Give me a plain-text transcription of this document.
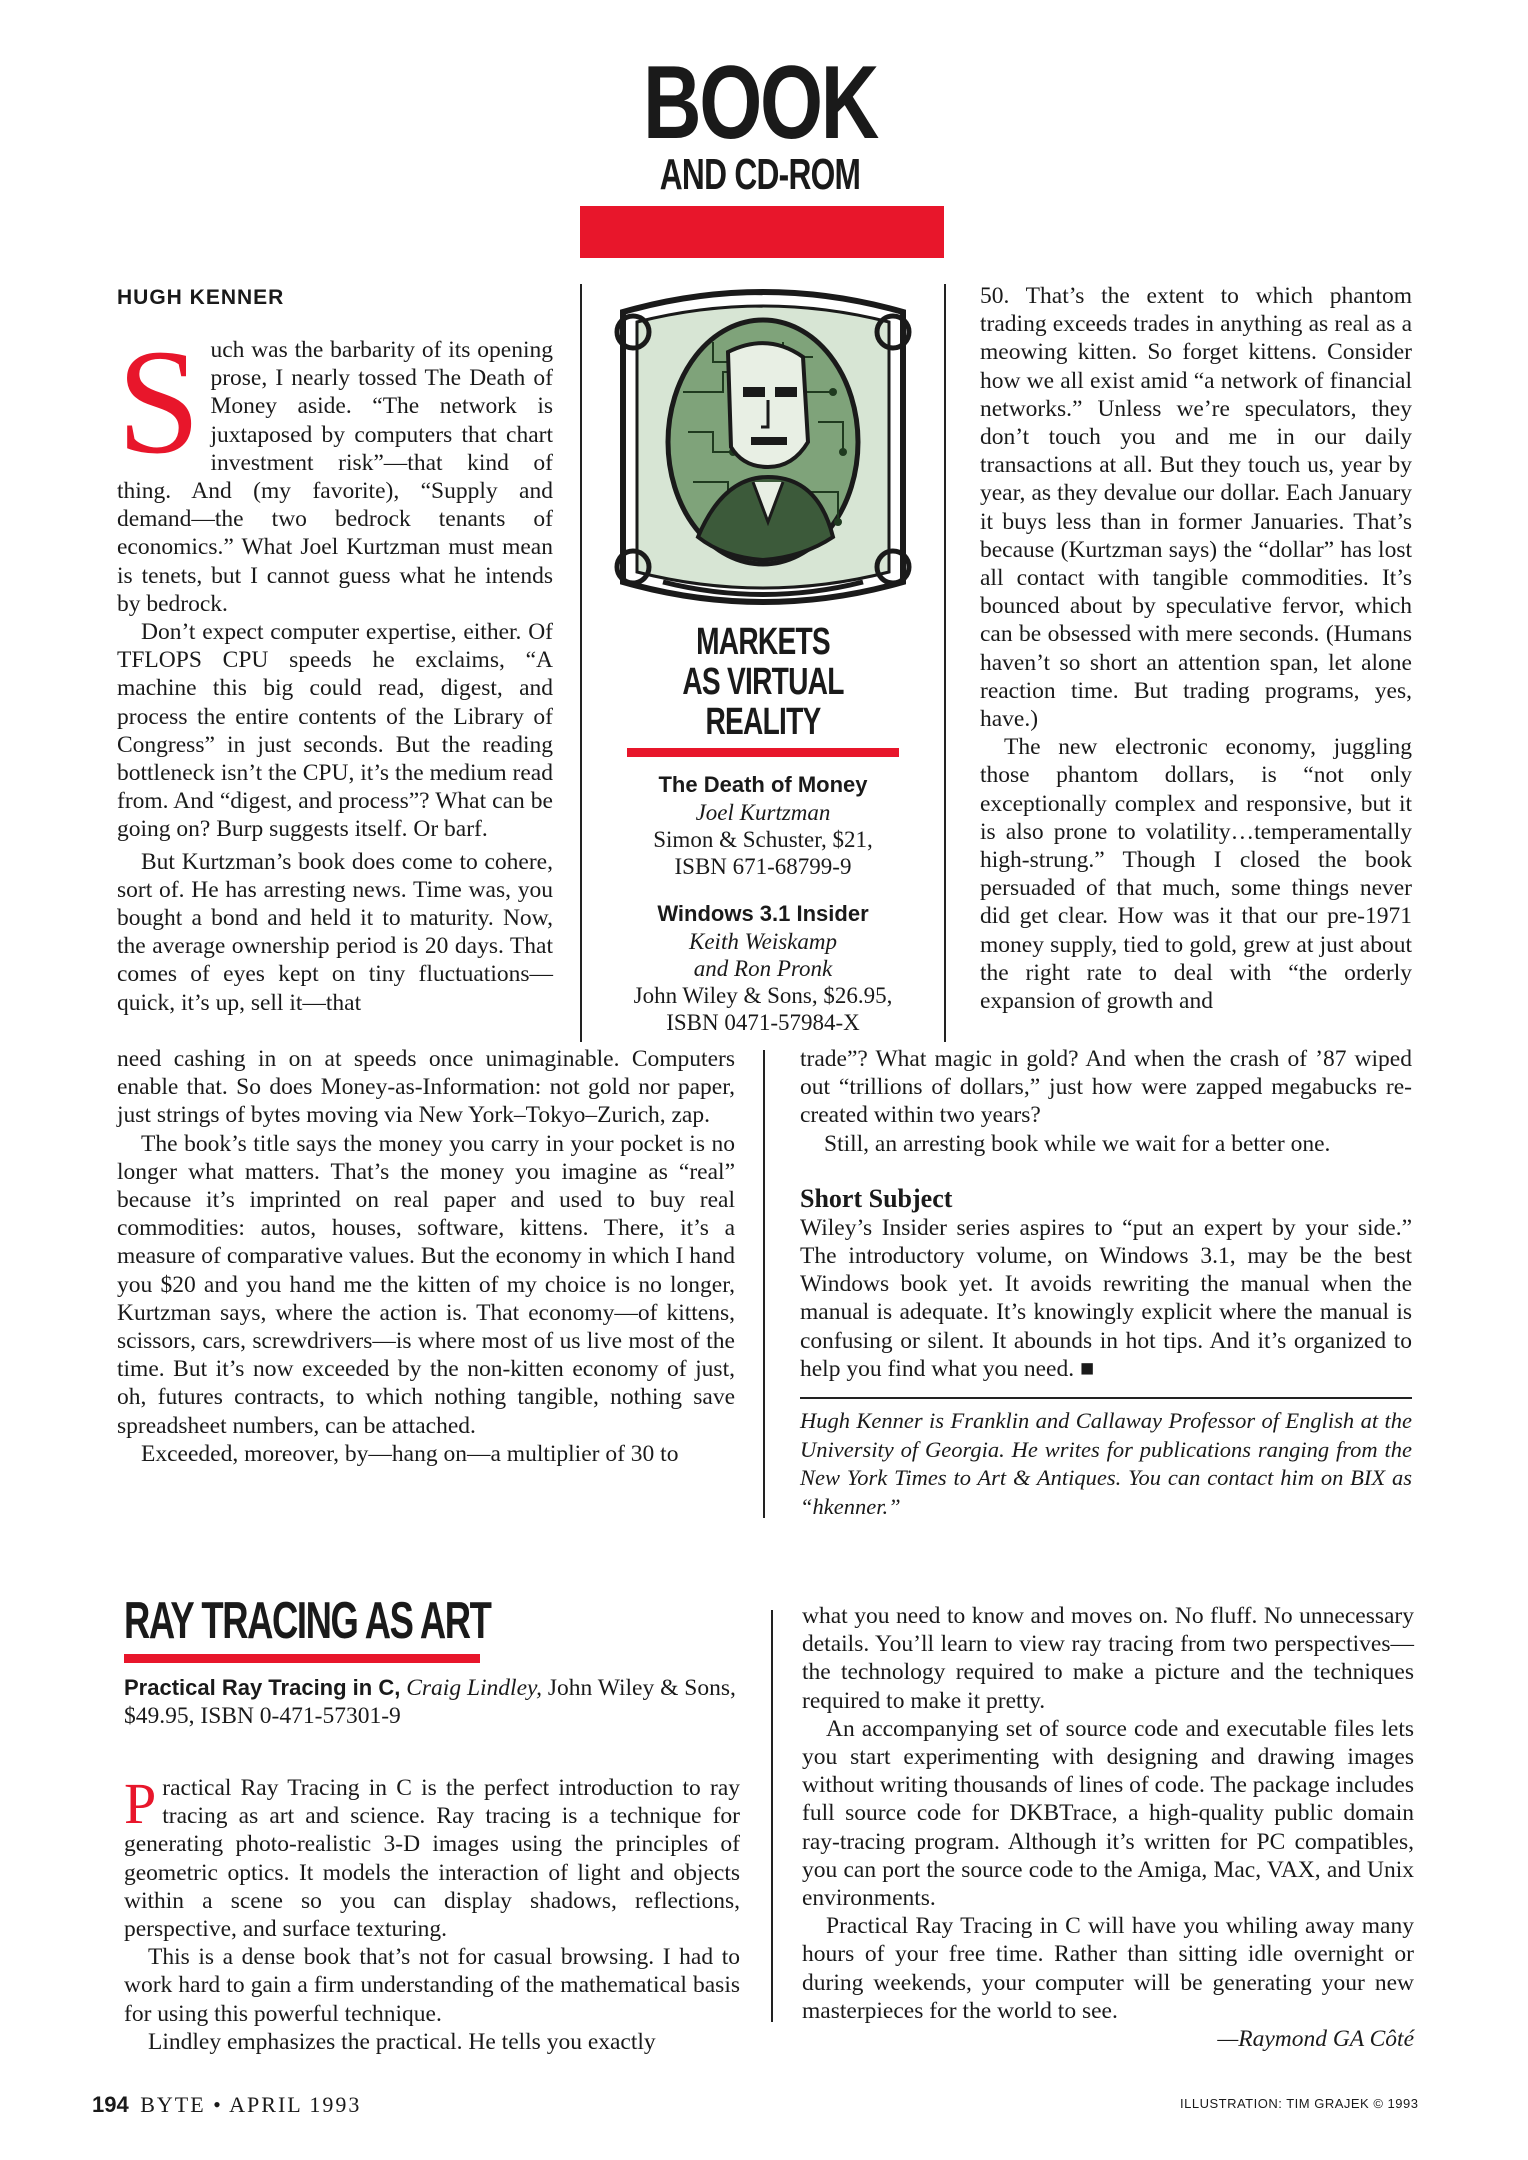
BOOK
AND CD-ROM
HUGH KENNER

Such was the barbarity of its opening prose, I nearly tossed The Death of Money aside. “The network is juxtaposed by computers that chart investment risk”—that kind of thing. And (my favorite), “Supply and demand—the two bedrock tenants of economics.” What Joel Kurtzman must mean is tenets, but I cannot guess what he intends by bedrock.

Don’t expect computer expertise, either. Of TFLOPS CPU speeds he exclaims, “A machine this big could read, digest, and process the entire contents of the Library of Congress” in just seconds. But the reading bottleneck isn’t the CPU, it’s the medium read from. And “digest, and process”? What can be going on? Burp suggests itself. Or barf.

But Kurtzman’s book does come to cohere, sort of. He has arresting news. Time was, you bought a bond and held it to maturity. Now, the average ownership period is 20 days. That comes of eyes kept on tiny fluctuations—quick, it’s up, sell it—that

need cashing in on at speeds once unimaginable. Computers enable that. So does Money-as-Information: not gold nor paper, just strings of bytes moving via New York–Tokyo–Zurich, zap.

The book’s title says the money you carry in your pocket is no longer what matters. That’s the money you imagine as “real” because it’s imprinted on real paper and used to buy real commodities: autos, houses, software, kittens. There, it’s a measure of comparative values. But the economy in which I hand you $20 and you hand me the kitten of my choice is no longer, Kurtzman says, where the action is. That economy—of kittens, scissors, cars, screwdrivers—is where most of us live most of the time. But it’s now exceeded by the non-kitten economy of just, oh, futures contracts, to which nothing tangible, nothing save spreadsheet numbers, can be attached.

Exceeded, moreover, by—hang on—a multiplier of 30 to

MARKETS
AS VIRTUAL REALITY
The Death of Money
Joel Kurtzman
Simon & Schuster, $21,
ISBN 671-68799-9
Windows 3.1 Insider
Keith Weiskamp
and Ron Pronk
John Wiley & Sons, $26.95,
ISBN 0471-57984-X

50. That’s the extent to which phantom trading exceeds trades in anything as real as a meowing kitten. So forget kittens. Consider how we all exist amid “a network of financial networks.” Unless we’re speculators, they don’t touch you and me in our daily transactions at all. But they touch us, year by year, as they devalue our dollar. Each January it buys less than in former Januaries. That’s because (Kurtzman says) the “dollar” has lost all contact with tangible commodities. It’s bounced about by speculative fervor, which can be obsessed with mere seconds. (Humans haven’t so short an attention span, let alone reaction time. But trading programs, yes, have.)

The new electronic economy, juggling those phantom dollars, is “not only exceptionally complex and responsive, but it is also prone to volatility…temperamentally high-strung.” Though I closed the book persuaded of that much, some things never did get clear. How was it that our pre-1971 money supply, tied to gold, grew at just about the right rate to deal with “the orderly expansion of growth and

trade”? What magic in gold? And when the crash of ’87 wiped out “trillions of dollars,” just how were zapped megabucks re-created within two years?

Still, an arresting book while we wait for a better one.

Short Subject

Wiley’s Insider series aspires to “put an expert by your side.” The introductory volume, on Windows 3.1, may be the best Windows book yet. It avoids rewriting the manual when the manual is adequate. It’s knowingly explicit where the manual is confusing or silent. It abounds in hot tips. And it’s organized to help you find what you need. ■

Hugh Kenner is Franklin and Callaway Professor of English at the University of Georgia. He writes for publications ranging from the New York Times to Art & Antiques. You can contact him on BIX as “hkenner.”
RAY TRACING AS ART
Practical Ray Tracing in C, Craig Lindley, John Wiley & Sons, $49.95, ISBN 0-471-57301-9

Practical Ray Tracing in C is the perfect introduction to ray tracing as art and science. Ray tracing is a technique for generating photo-realistic 3-D images using the principles of geometric optics. It models the interaction of light and objects within a scene so you can display shadows, reflections, perspective, and surface texturing.

This is a dense book that’s not for casual browsing. I had to work hard to gain a firm understanding of the mathematical basis for using this powerful technique.

Lindley emphasizes the practical. He tells you exactly

what you need to know and moves on. No fluff. No unnecessary details. You’ll learn to view ray tracing from two perspectives—the technology required to make a picture and the techniques required to make it pretty.

An accompanying set of source code and executable files lets you start experimenting with designing and drawing images without writing thousands of lines of code. The package includes full source code for DKBTrace, a high-quality public domain ray-tracing program. Although it’s written for PC compatibles, you can port the source code to the Amiga, Mac, VAX, and Unix environments.

Practical Ray Tracing in C will have you whiling away many hours of your free time. Rather than sitting idle overnight or during weekends, your computer will be generating your new masterpieces for the world to see.

—Raymond GA Côté
194 BYTE • APRIL 1993	ILLUSTRATION: TIM GRAJEK © 1993
